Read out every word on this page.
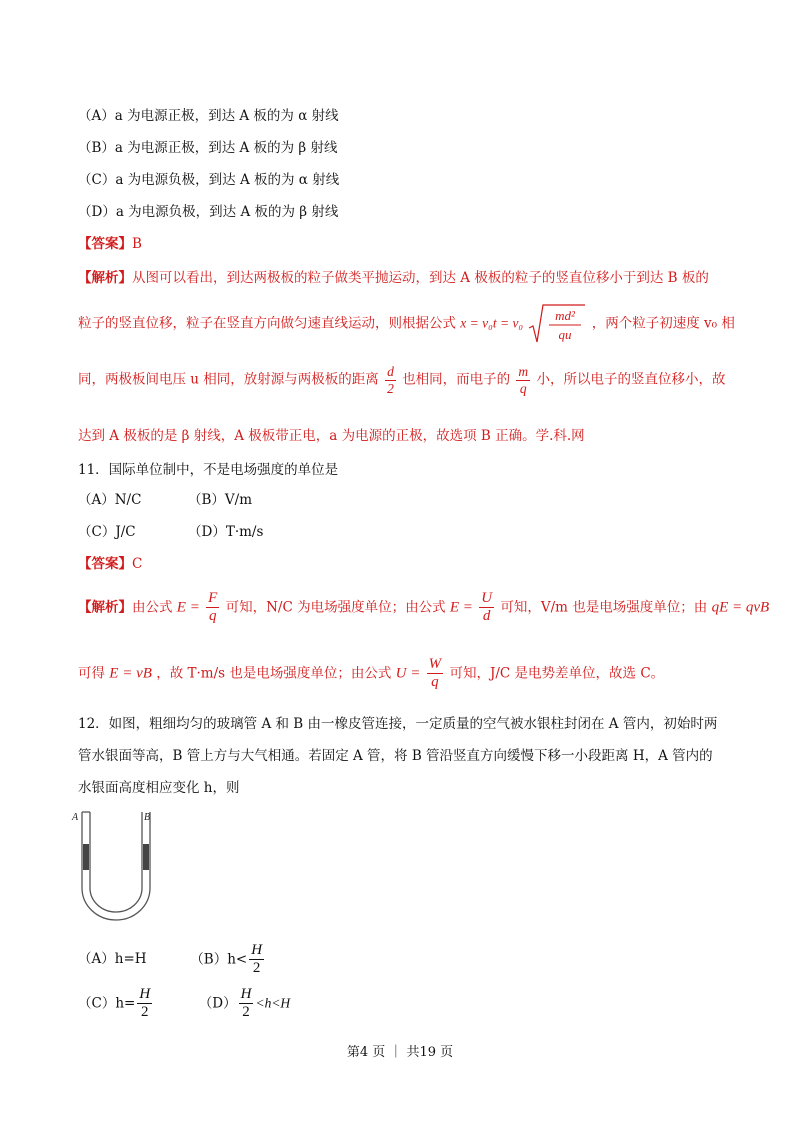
（A）a 为电源正极，到达 A 板的为 α 射线
（B）a 为电源正极，到达 A 板的为 β 射线
（C）a 为电源负极，到达 A 板的为 α 射线
（D）a 为电源负极，到达 A 板的为 β 射线
【答案】B
【解析】从图可以看出，到达两极板的粒子做类平抛运动，到达 A 极板的粒子的竖直位移小于到达 B 板的
粒子的竖直位移，粒子在竖直方向做匀速直线运动，则根据公式 x = v₀t = v₀ md²
qu
，两个粒子初速度 v₀ 相
同，两极板间电压 u 相同，放射源与两极板的距离 $\frac{d}{2}$ 也相同，而电子的 $\frac{m}{q}$ 小，所以电子的竖直位移小，故
达到 A 极板的是 β 射线，A 极板带正电，a 为电源的正极，故选项 B 正确。学.科.网
11．国际单位制中，不是电场强度的单位是
（A）N/C	（B）V/m
（C）J/C	（D）T·m/s
【答案】C
【解析】由公式 $E = \frac{F}{q}$ 可知，N/C 为电场强度单位；由公式 $E = \frac{U}{d}$ 可知，V/m 也是电场强度单位；由 qE = qvB
可得 E = vB ，故 T·m/s 也是电场强度单位；由公式 $U = \frac{W}{q}$ 可知，J/C 是电势差单位，故选 C。
12．如图，粗细均匀的玻璃管 A 和 B 由一橡皮管连接，一定质量的空气被水银柱封闭在 A 管内，初始时两
管水银面等高，B 管上方与大气相通。若固定 A 管，将 B 管沿竖直方向缓慢下移一小段距离 H，A 管内的
水银面高度相应变化 h，则
A	B
（A）h=H	$(B)h< \frac{H}{2}$
$(C)h= \frac{H}{2}$	$(D) \frac{H}{2} <h<H$
第4 页 ｜ 共19 页
